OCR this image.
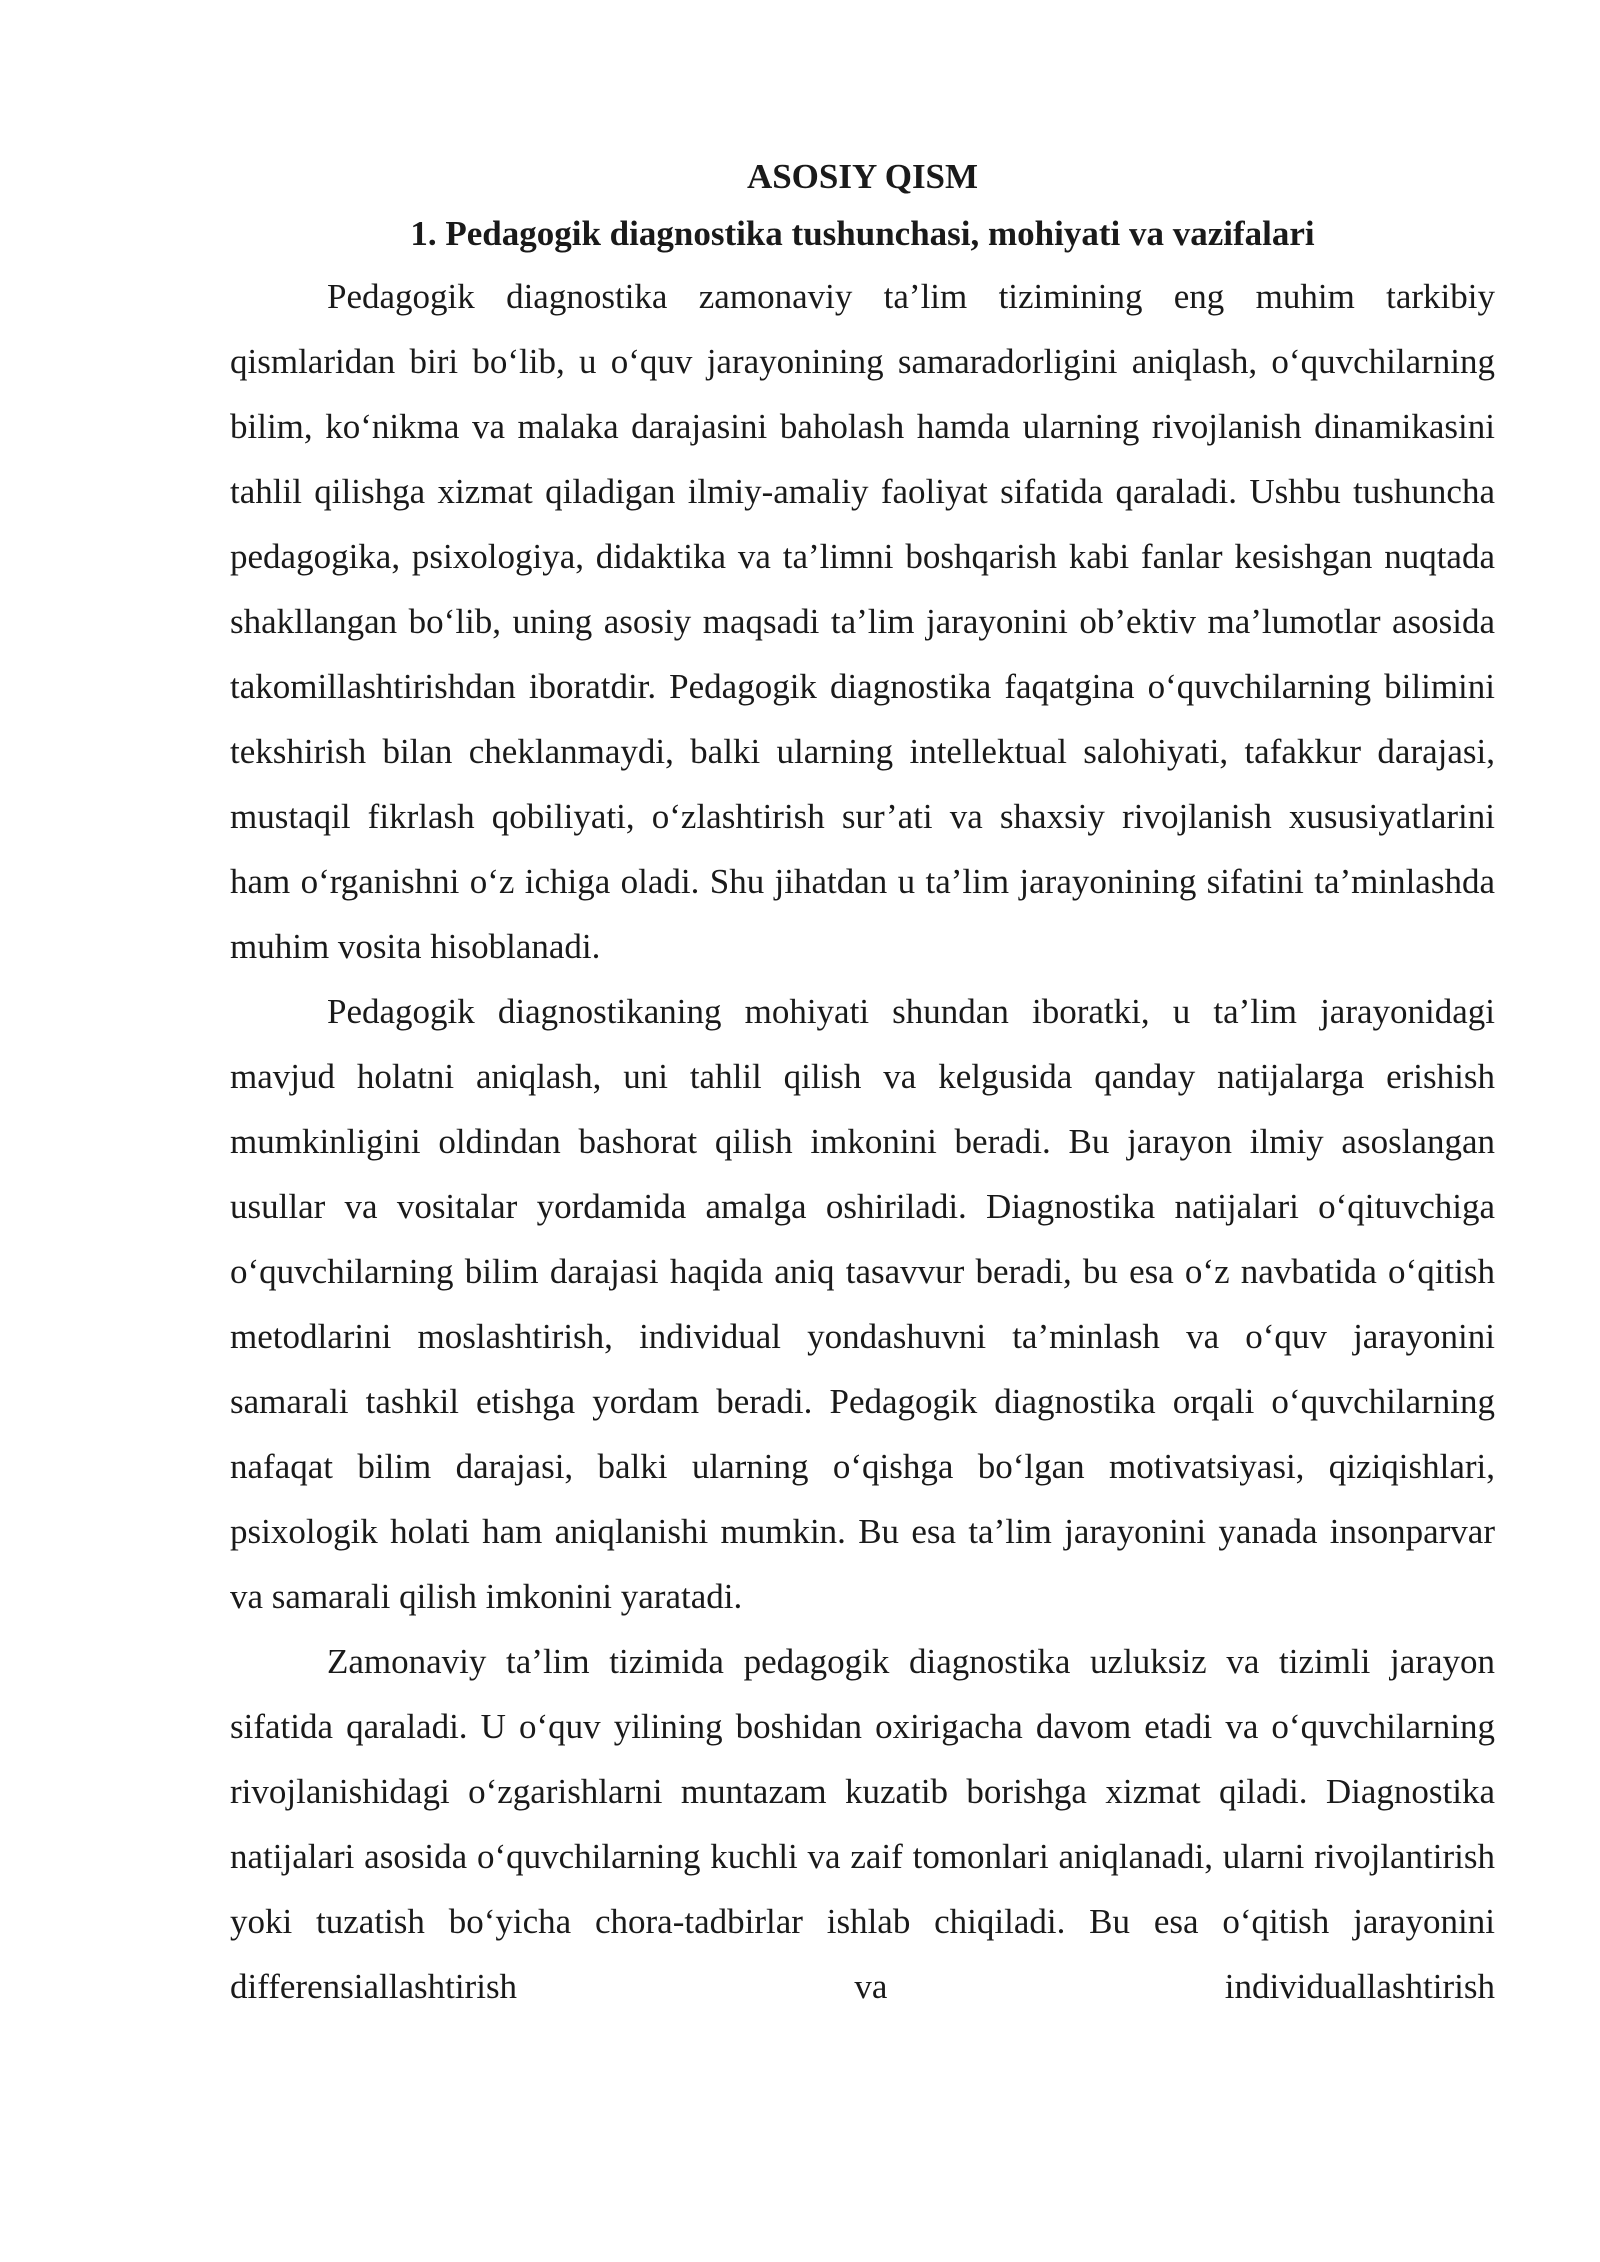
ASOSIY QISM
1. Pedagogik diagnostika tushunchasi, mohiyati va vazifalari

Pedagogik diagnostika zamonaviy ta’lim tizimining eng muhim tarkibiy qismlaridan biri bo‘lib, u o‘quv jarayonining samaradorligini aniqlash, o‘quvchilarning bilim, ko‘nikma va malaka darajasini baholash hamda ularning rivojlanish dinamikasini tahlil qilishga xizmat qiladigan ilmiy-amaliy faoliyat sifatida qaraladi. Ushbu tushuncha pedagogika, psixologiya, didaktika va ta’limni boshqarish kabi fanlar kesishgan nuqtada shakllangan bo‘lib, uning asosiy maqsadi ta’lim jarayonini ob’ektiv ma’lumotlar asosida takomillashtirishdan iboratdir. Pedagogik diagnostika faqatgina o‘quvchilarning bilimini tekshirish bilan cheklanmaydi, balki ularning intellektual salohiyati, tafakkur darajasi, mustaqil fikrlash qobiliyati, o‘zlashtirish sur’ati va shaxsiy rivojlanish xususiyatlarini ham o‘rganishni o‘z ichiga oladi. Shu jihatdan u ta’lim jarayonining sifatini ta’minlashda muhim vosita hisoblanadi.

Pedagogik diagnostikaning mohiyati shundan iboratki, u ta’lim jarayonidagi mavjud holatni aniqlash, uni tahlil qilish va kelgusida qanday natijalarga erishish mumkinligini oldindan bashorat qilish imkonini beradi. Bu jarayon ilmiy asoslangan usullar va vositalar yordamida amalga oshiriladi. Diagnostika natijalari o‘qituvchiga o‘quvchilarning bilim darajasi haqida aniq tasavvur beradi, bu esa o‘z navbatida o‘qitish metodlarini moslashtirish, individual yondashuvni ta’minlash va o‘quv jarayonini samarali tashkil etishga yordam beradi. Pedagogik diagnostika orqali o‘quvchilarning nafaqat bilim darajasi, balki ularning o‘qishga bo‘lgan motivatsiyasi, qiziqishlari, psixologik holati ham aniqlanishi mumkin. Bu esa ta’lim jarayonini yanada insonparvar va samarali qilish imkonini yaratadi.

Zamonaviy ta’lim tizimida pedagogik diagnostika uzluksiz va tizimli jarayon sifatida qaraladi. U o‘quv yilining boshidan oxirigacha davom etadi va o‘quvchilarning rivojlanishidagi o‘zgarishlarni muntazam kuzatib borishga xizmat qiladi. Diagnostika natijalari asosida o‘quvchilarning kuchli va zaif tomonlari aniqlanadi, ularni rivojlantirish yoki tuzatish bo‘yicha chora-tadbirlar ishlab chiqiladi. Bu esa o‘qitish jarayonini differensiallashtirish va individuallashtirish
